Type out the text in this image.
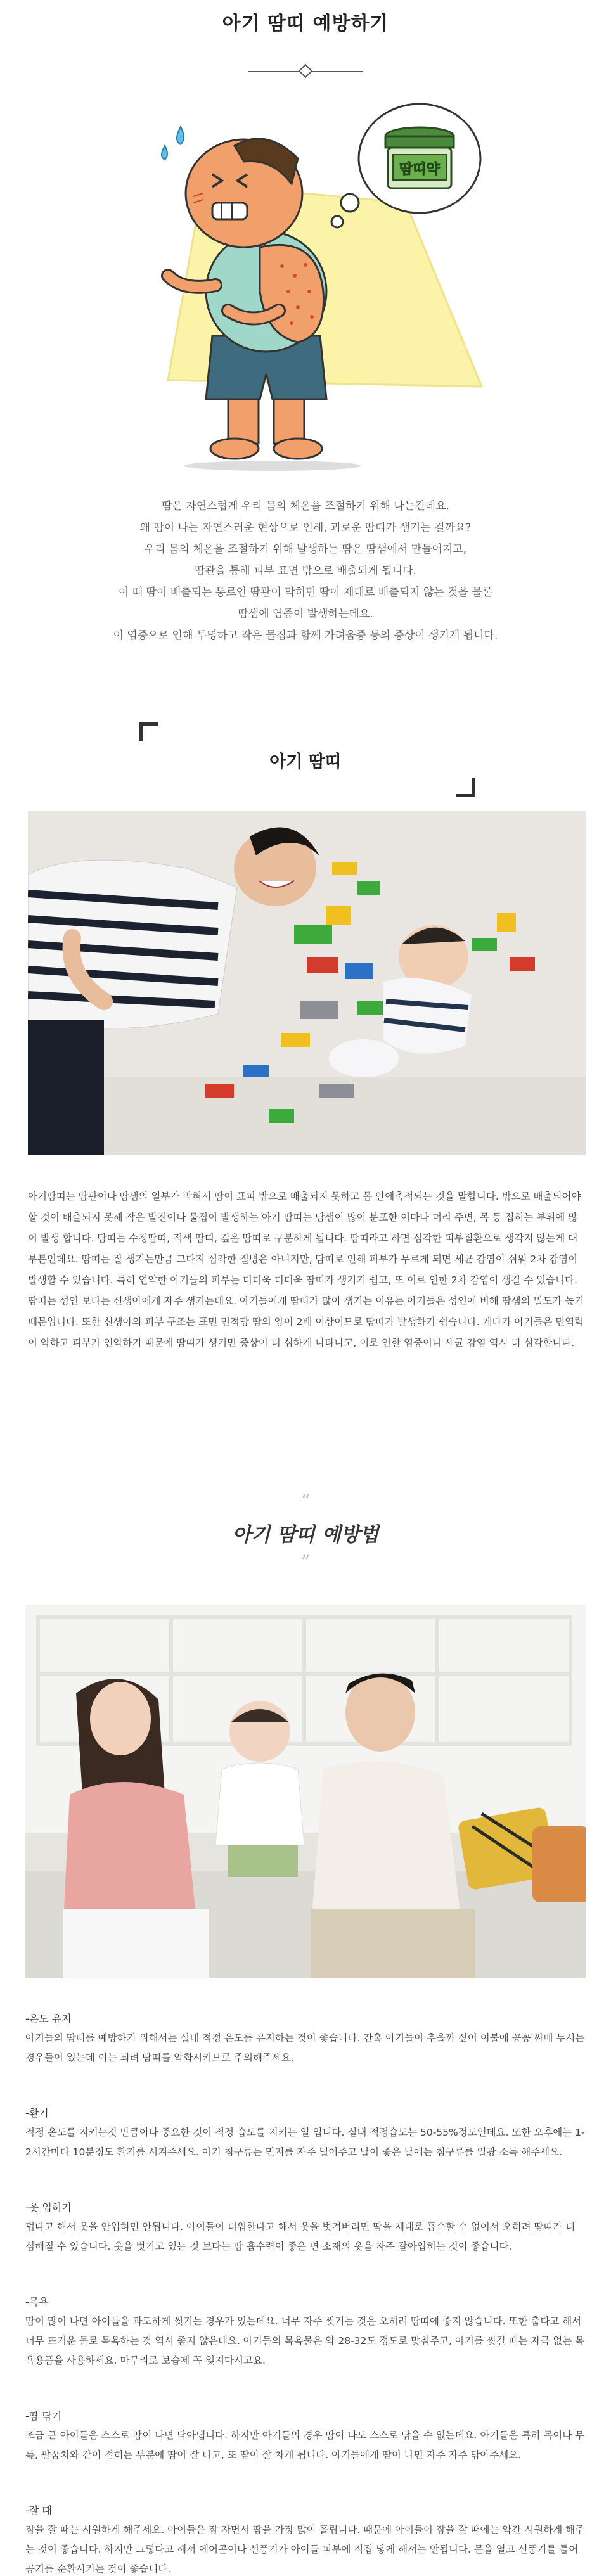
아기 땀띠 예방하기
땀띠약

땀은 자연스럽게 우리 몸의 체온을 조절하기 위해 나는건데요.

왜 땀이 나는 자연스러운 현상으로 인해, 괴로운 땀띠가 생기는 걸까요?

우리 몸의 체온을 조절하기 위해 발생하는 땀은 땀샘에서 만들어지고,

땀관을 통해 피부 표면 밖으로 배출되게 됩니다.

이 때 땀이 배출되는 통로인 땀관이 막히면 땀이 제대로 배출되지 않는 것을 물론

땀샘에 염증이 발생하는데요.

이 염증으로 인해 투명하고 작은 물집과 함께 가려움증 등의 증상이 생기게 됩니다.

아기 땀띠

아기땀띠는 땀관이나 땀샘의 일부가 막혀서 땀이 표피 밖으로 배출되지 못하고 몸 안에축적되는 것을 말합니다. 밖으로 배출되어야 할 것이 배출되지 못해 작은 발진이나 물집이 발생하는 아기 땀띠는 땀샘이 많이 분포한 이마나 머리 주변, 목 등 접히는 부위에 많이 발생 합니다. 땀띠는 수정땀띠, 적색 땀띠, 깊은 땀띠로 구분하게 됩니다. 땀띠라고 하면 심각한 피부질환으로 생각지 않는게 대부분인데요. 땀띠는 잘 생기는만큼 그다지 심각한 질병은 아니지만, 땀띠로 인해 피부가 무르게 되면 세균 감염이 쉬워 2차 감염이 발생할 수 있습니다. 특히 연약한 아기들의 피부는 더더욱 더더욱 땀띠가 생기기 쉽고, 또 이로 인한 2차 감염이 생길 수 있습니다.

땀띠는 성인 보다는 신생아에게 자주 생기는데요. 아기들에게 땀띠가 많이 생기는 이유는 아기들은 성인에 비해 땀샘의 밀도가 높기 때문입니다. 또한 신생아의 피부 구조는 표면 면적당 땀의 양이 2배 이상이므로 땀띠가 발생하기 쉽습니다. 게다가 아기들은 면역력이 약하고 피부가 연약하기 때문에 땀띠가 생기면 증상이 더 심하게 나타나고, 이로 인한 염증이나 세균 감염 역시 더 심각합니다.

“
아기 땀띠 예방법
”
-온도 유지

아기들의 땀띠를 예방하기 위해서는 실내 적정 온도를 유지하는 것이 좋습니다. 간혹 아기들이 추울까 싶어 이불에 꽁꽁 싸매 두시는 경우들이 있는데 이는 되려 땀띠를 악화시키므로 주의해주세요.

-환기

적정 온도를 지키는것 만큼이나 중요한 것이 적정 습도를 지키는 일 입니다. 실내 적정습도는 50-55%정도인데요. 또한 오후에는 1-2시간마다 10분정도 환기를 시켜주세요. 아기 침구류는 먼지를 자주 털어주고 날이 좋은 날에는 침구류를 일광 소독 해주세요.

-옷 입히기

덥다고 해서 옷을 안입혀면 안됩니다. 아이들이 더워한다고 해서 옷을 벗겨버리면 땀을 제대로 흡수할 수 없어서 오히려 땀띠가 더 심해질 수 있습니다. 옷을 벗기고 있는 것 보다는 땀 흡수력이 좋은 면 소재의 옷을 자주 갈아입히는 것이 좋습니다.

-목욕

땀이 많이 나면 아이들을 과도하게 씻기는 경우가 있는데요. 너무 자주 씻기는 것은 오히려 땀띠에 좋지 않습니다. 또한 춥다고 해서 너무 뜨거운 물로 목욕하는 것 역시 좋지 않은데요. 아기들의 목욕물은 약 28-32도 정도로 맞춰주고, 아기를 씻길 때는 자극 없는 목욕용품을 사용하세요. 마무리로 보습제 꼭 잊지마시고요.

-땀 닦기

조금 큰 아이들은 스스로 땀이 나면 닦아냅니다. 하지만 아기들의 경우 땀이 나도 스스로 닦을 수 없는데요. 아기들은 특히 목이나 무릎, 팔꿈치와 같이 접히는 부분에 땀이 잘 나고, 또 땀이 잘 차게 됩니다. 아기들에게 땀이 나면 자주 자주 닦아주세요.

-잘 때

잠을 잘 때는 시원하게 해주세요. 아이들은 잠 자면서 땀을 가장 많이 흘립니다. 때문에 아이들이 잠을 잘 때에는 약간 시원하게 해주는 것이 좋습니다. 하지만 그렇다고 해서 에어콘이나 선풍기가 아이들 피부에 직접 닿게 해서는 안됩니다. 문을 열고 선풍기를 틀어 공기를 순환시키는 것이 좋습니다.
